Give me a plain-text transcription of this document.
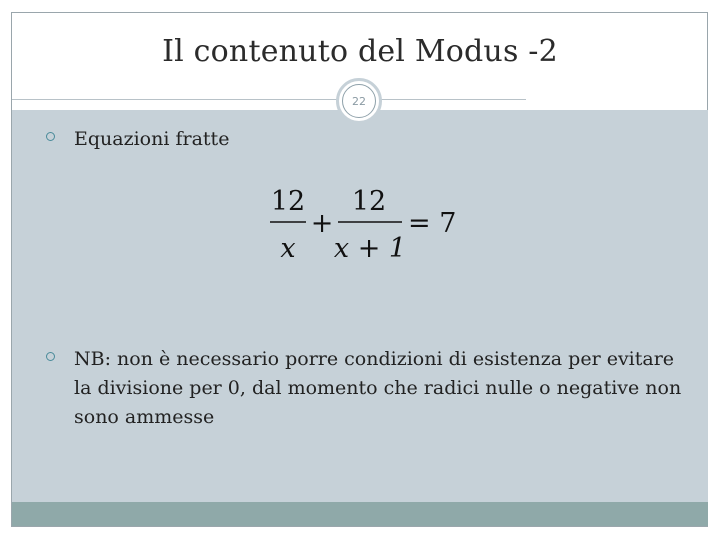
Il contenuto del Modus -2
22
Equazioni fratte
12
x
+
12
x + 1
= 7
NB: non è necessario porre condizioni di esistenza per evitare la divisione per 0, dal momento che radici nulle o negative non sono ammesse
